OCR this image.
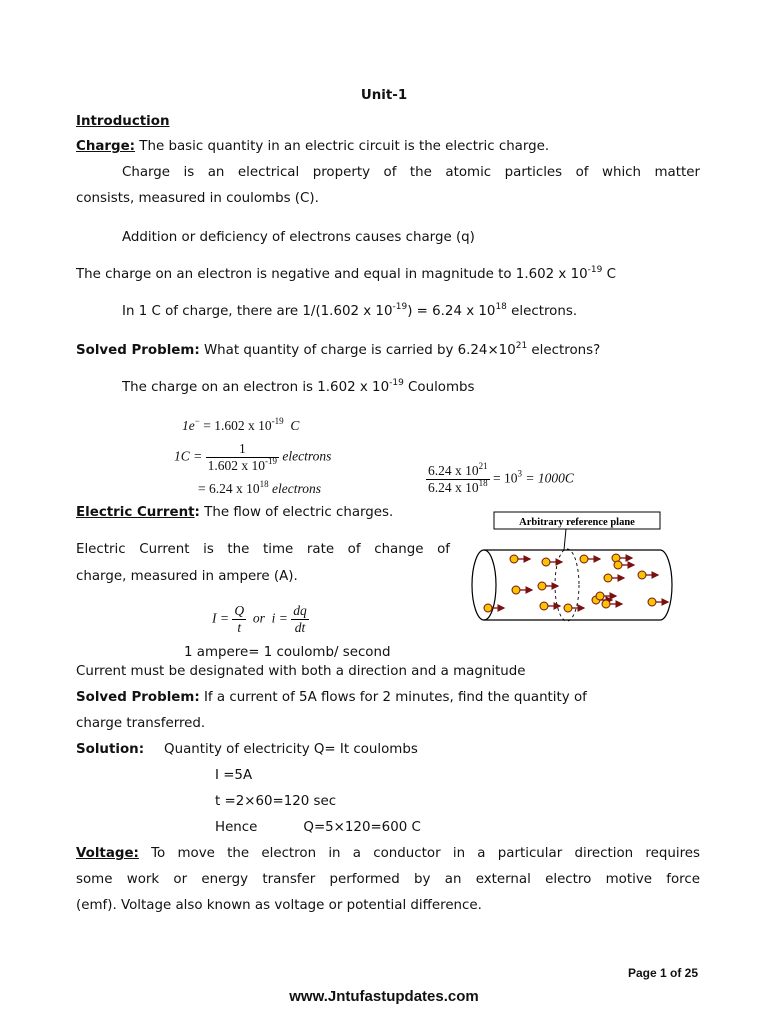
Unit-1
Introduction
Charge: The basic quantity in an electric circuit is the electric charge.
Charge is an electrical property of the atomic particles of which matter
consists, measured in coulombs (C).
Addition or deficiency of electrons causes charge (q)
The charge on an electron is negative and equal in magnitude to 1.602 x $10^{-19}$ C
In 1 C of charge, there are 1/(1.602 x $10^{-19}) = 6.24$ x $10^{18}$ electrons.
Solved Problem: What quantity of charge is carried by $6.24\times 10^{21}$ electrons?
The charge on an electron is 1.602 x $10^{-19}$ Coulombs
1e− = 1.602 x $10^{-19}$ C
$1C = \frac{1}{1.602 x 10^{-19}}$ electrons
= 6.24 x $10^{18}$ electrons	$\frac{6.24 x 10^{21}}{6.24 x 10^{18}} = 10^3 = 1000C$
Electric Current: The flow of electric charges.
Electric Current is the time rate of change of
charge, measured in ampere (A).
$I = \frac{Q}{t}$ or $i = \frac{dq}{dt}$
1 ampere= 1 coulomb/ second
Current must be designated with both a direction and a magnitude
Arbitrary reference plane
Solved Problem: If a current of 5A flows for 2 minutes, find the quantity of
charge transferred.
Solution: Quantity of electricity Q= It coulombs
I =5A
t =2×60=120 sec
Hence	Q=5×120=600 C
Voltage: To move the electron in a conductor in a particular direction requires
some work or energy transfer performed by an external electro motive force
(emf). Voltage also known as voltage or potential difference.
Page 1 of 25
www.Jntufastupdates.com
